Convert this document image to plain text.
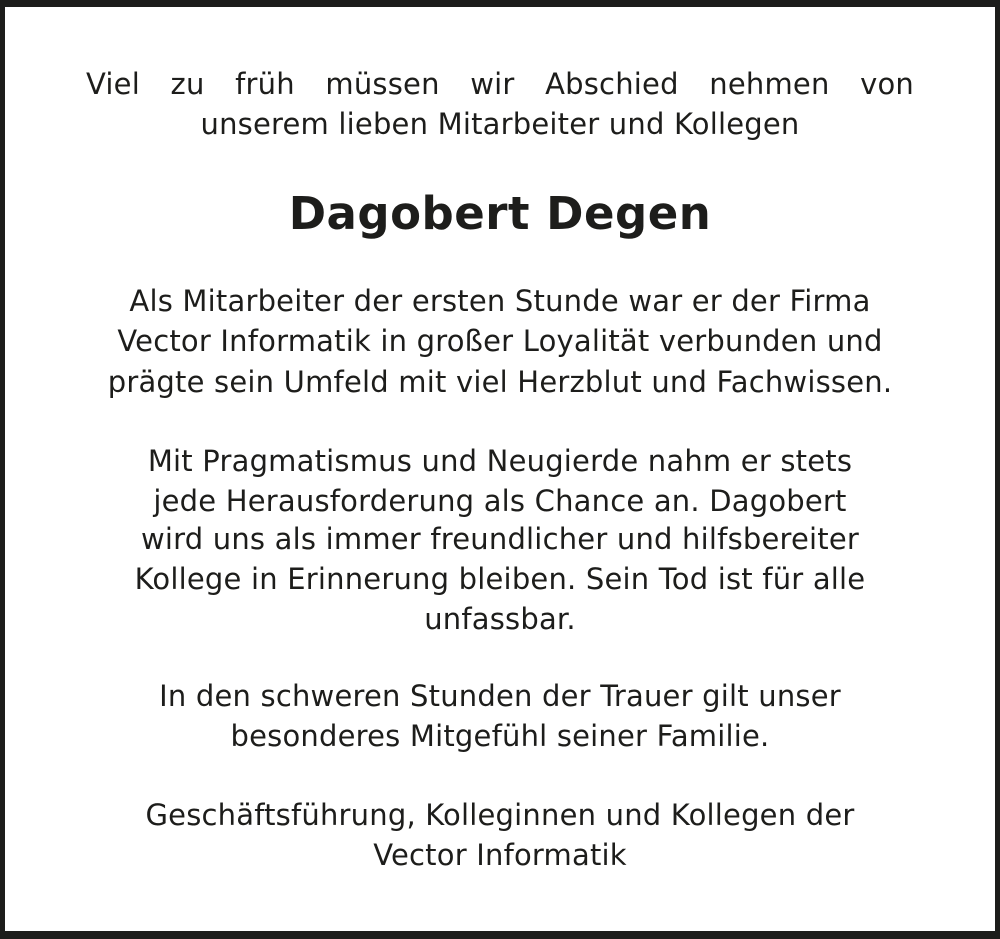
Viel zu früh müssen wir Abschied nehmen von
unserem lieben Mitarbeiter und Kollegen
Dagobert Degen
Als Mitarbeiter der ersten Stunde war er der Firma
Vector Informatik in großer Loyalität verbunden und
prägte sein Umfeld mit viel Herzblut und Fachwissen.
Mit Pragmatismus und Neugierde nahm er stets
jede Herausforderung als Chance an. Dagobert
wird uns als immer freundlicher und hilfsbereiter
Kollege in Erinnerung bleiben. Sein Tod ist für alle
unfassbar.
In den schweren Stunden der Trauer gilt unser
besonderes Mitgefühl seiner Familie.
Geschäftsführung, Kolleginnen und Kollegen der
Vector Informatik
